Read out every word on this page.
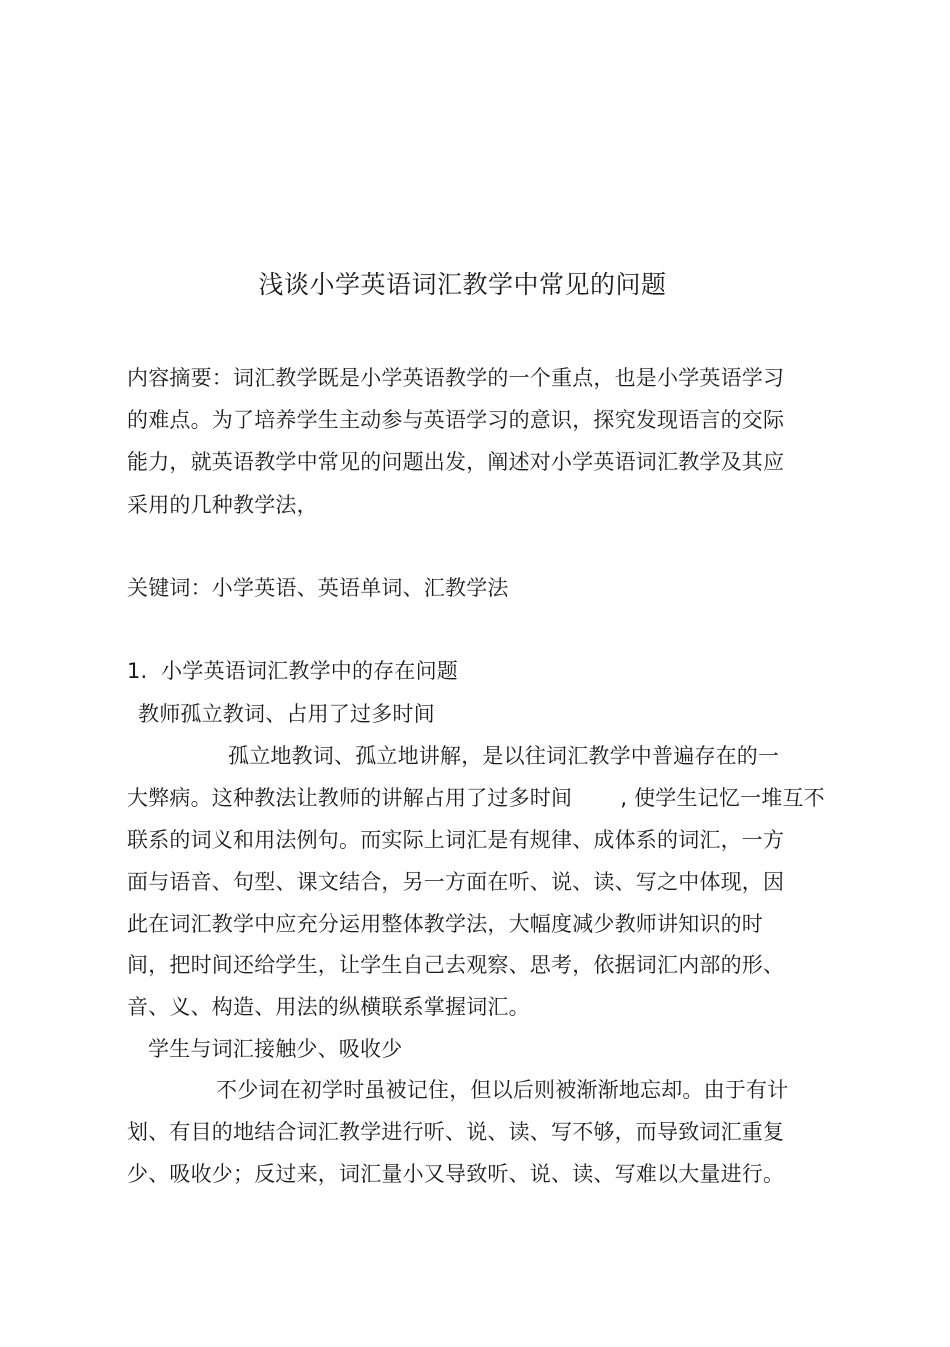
浅谈小学英语词汇教学中常见的问题
内容摘要：词汇教学既是小学英语教学的一个重点，也是小学英语学习
的难点。为了培养学生主动参与英语学习的意识，探究发现语言的交际
能力，就英语教学中常见的问题出发，阐述对小学英语词汇教学及其应
采用的几种教学法，
关键词：小学英语、英语单词、汇教学法
1.  小学英语词汇教学中的存在问题
教师孤立教词、占用了过多时间
孤立地教词、孤立地讲解，是以往词汇教学中普遍存在的一
大弊病。这种教法让教师的讲解占用了过多时间       , 使学生记忆一堆互不
联系的词义和用法例句。而实际上词汇是有规律、成体系的词汇，一方
面与语音、句型、课文结合，另一方面在听、说、读、写之中体现，因
此在词汇教学中应充分运用整体教学法，大幅度减少教师讲知识的时
间，把时间还给学生，让学生自己去观察、思考，依据词汇内部的形、
音、义、构造、用法的纵横联系掌握词汇。
学生与词汇接触少、吸收少
不少词在初学时虽被记住，但以后则被渐渐地忘却。由于有计
划、有目的地结合词汇教学进行听、说、读、写不够，而导致词汇重复
少、吸收少；反过来，词汇量小又导致听、说、读、写难以大量进行。
